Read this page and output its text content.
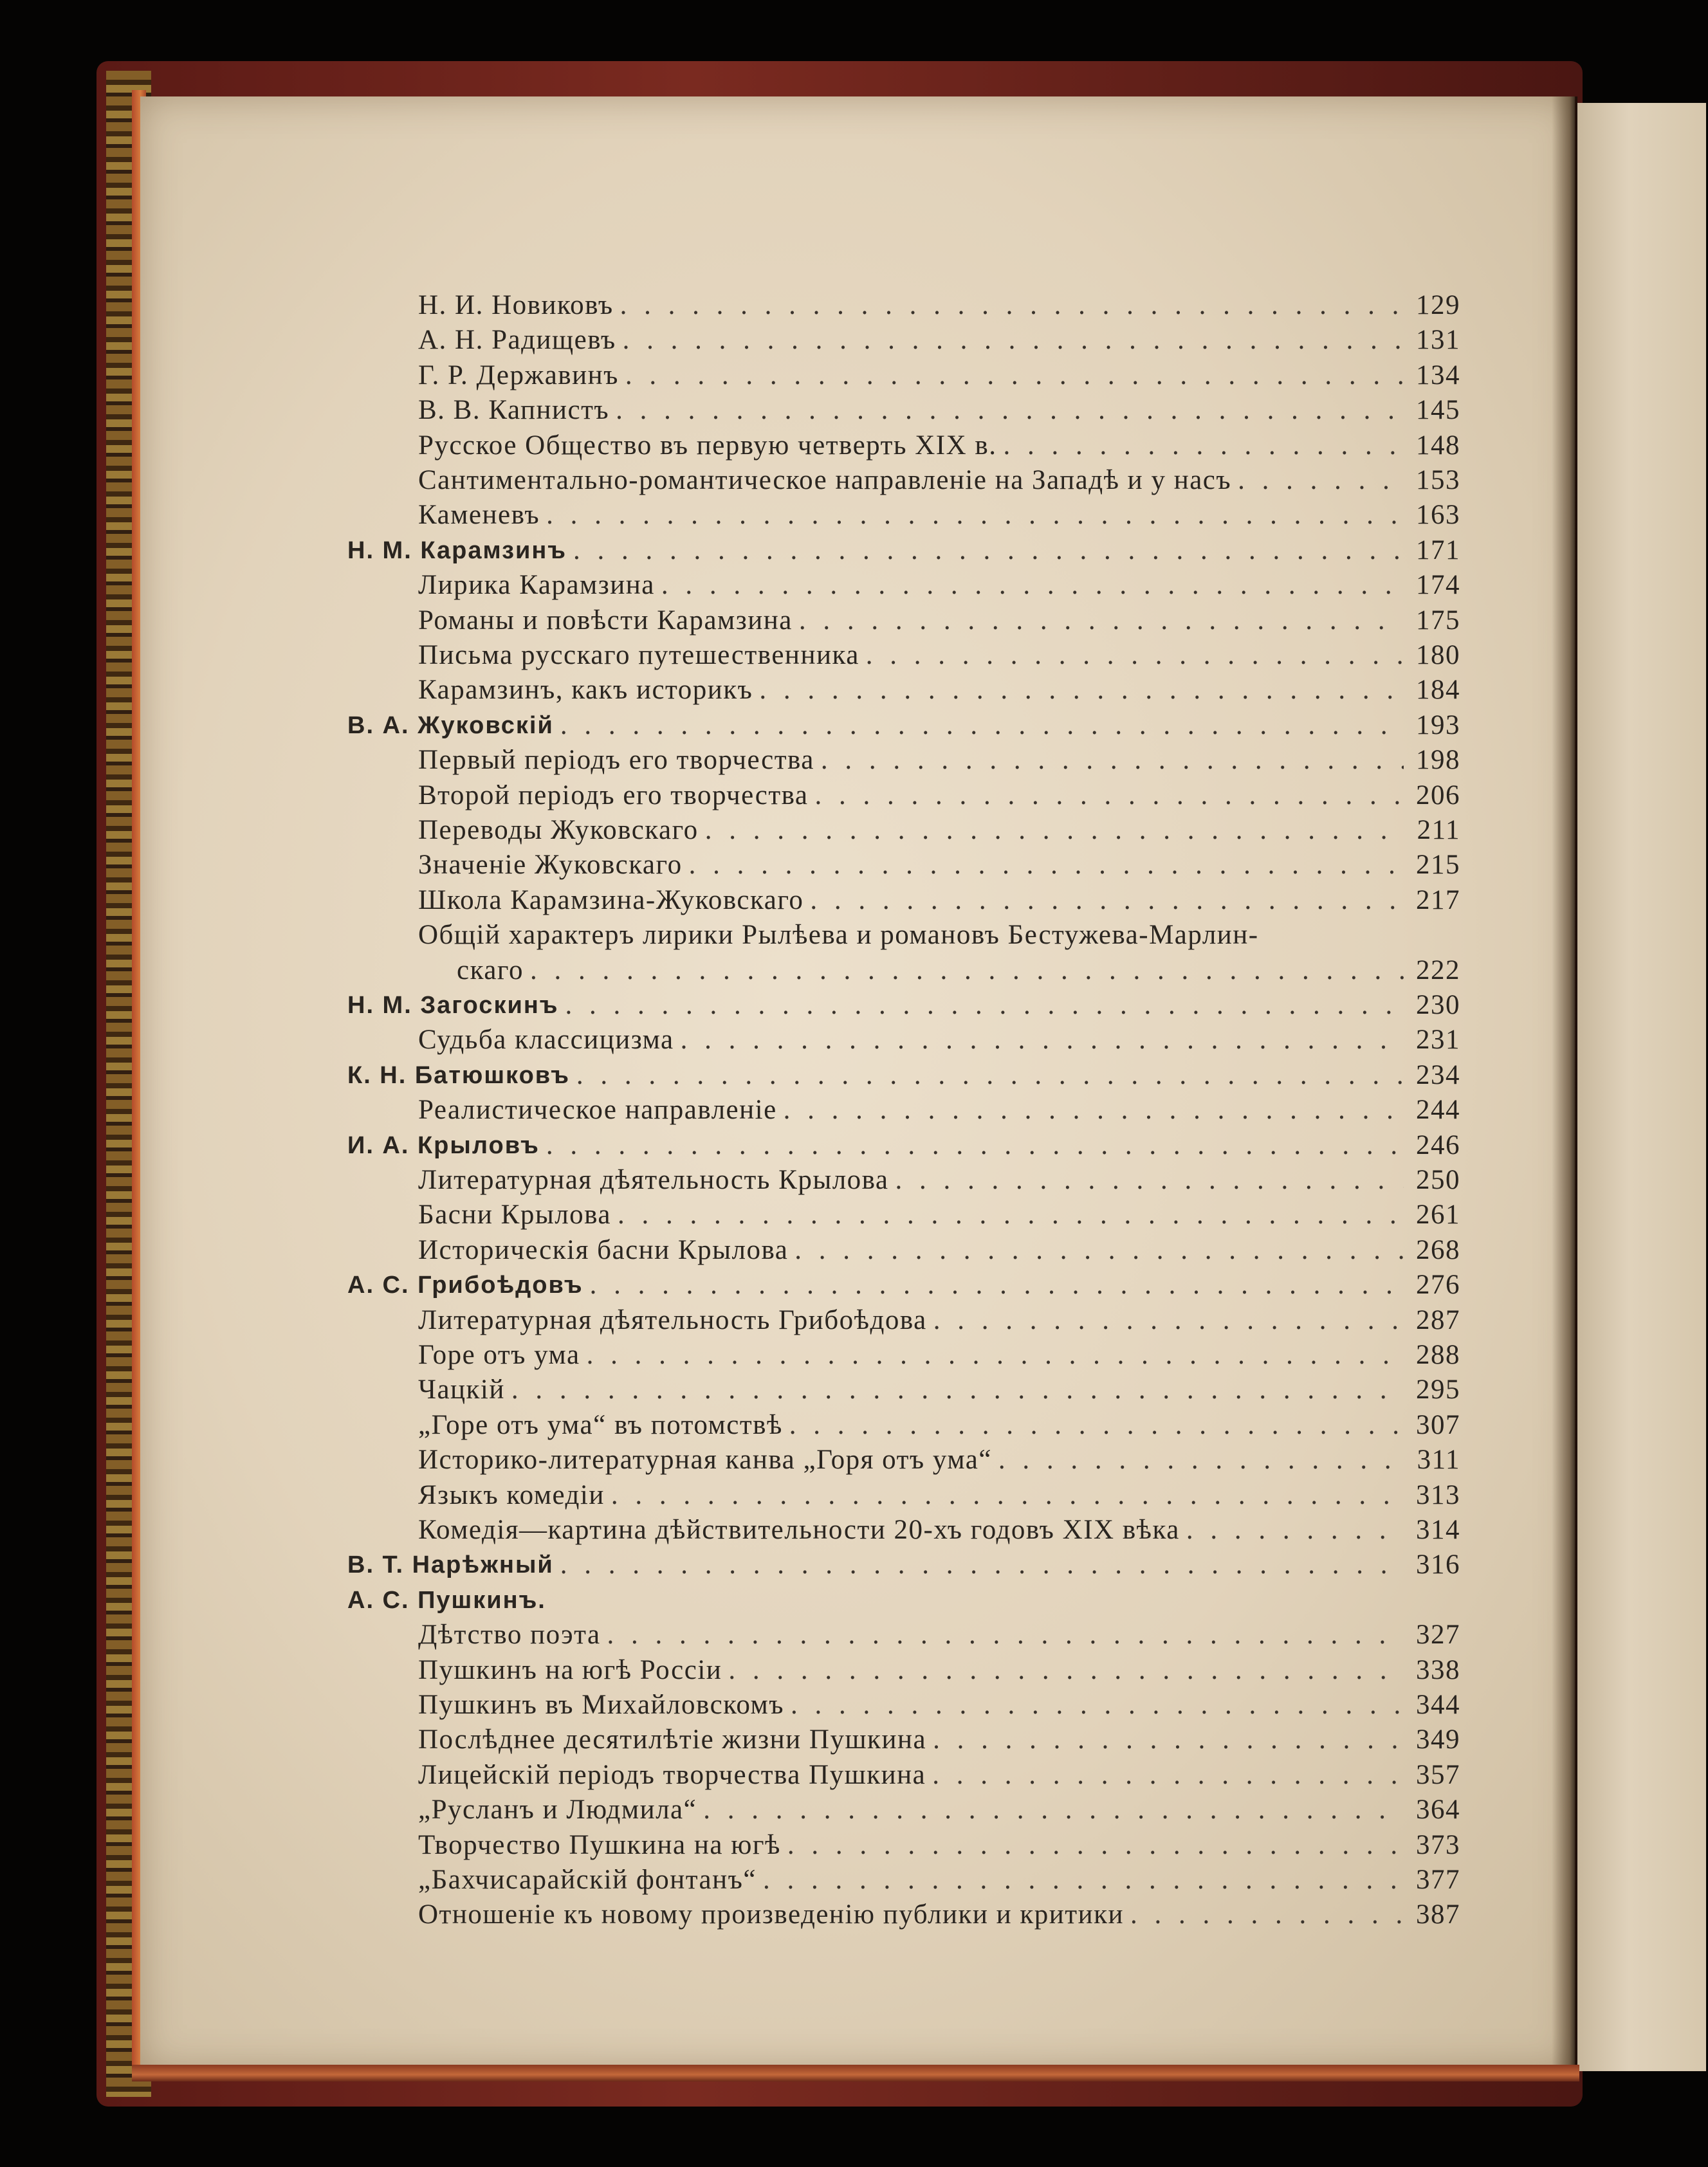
Н. И. Новиковъ . . .	129
А. Н. Радищевъ . . .	131
Г. Р. Державинъ . . .	134
В. В. Капнистъ . . .	145
Русское Общество въ первую четверть XIX в. . . .	148
Сантиментально-романтическое направленіе на Западѣ и у насъ . . .	153
Каменевъ . . .	163
Н. М. Карамзинъ . . .	171
Лирика Карамзина . . .	174
Романы и повѣсти Карамзина . . .	175
Письма русскаго путешественника . . .	180
Карамзинъ, какъ историкъ . . .	184
В. А. Жуковскій . . .	193
Первый періодъ его творчества . . .	198
Второй періодъ его творчества . . .	206
Переводы Жуковскаго . . .	211
Значеніе Жуковскаго . . .	215
Школа Карамзина-Жуковскаго . . .	217
Общій характеръ лирики Рылѣева и романовъ Бестужева-Марлин-
скаго . . .	222
Н. М. Загоскинъ . . .	230
Судьба классицизма . . .	231
К. Н. Батюшковъ . . .	234
Реалистическое направленіе . . .	244
И. А. Крыловъ . . .	246
Литературная дѣятельность Крылова . . .	250
Басни Крылова . . .	261
Историческія басни Крылова . . .	268
А. С. Грибоѣдовъ . . .	276
Литературная дѣятельность Грибоѣдова . . .	287
Горе отъ ума . . .	288
Чацкій . . .	295
„Горе отъ ума“ въ потомствѣ . . .	307
Историко-литературная канва „Горя отъ ума“ . . .	311
Языкъ комедіи . . .	313
Комедія—картина дѣйствительности 20-хъ годовъ XIX вѣка . . .	314
В. Т. Нарѣжный . . .	316
А. С. Пушкинъ.
Дѣтство поэта . . .	327
Пушкинъ на югѣ Россіи . . .	338
Пушкинъ въ Михайловскомъ . . .	344
Послѣднее десятилѣтіе жизни Пушкина . . .	349
Лицейскій періодъ творчества Пушкина . . .	357
„Русланъ и Людмила“ . . .	364
Творчество Пушкина на югѣ . . .	373
„Бахчисарайскій фонтанъ“ . . .	377
Отношеніе къ новому произведенію публики и критики . . .	387
